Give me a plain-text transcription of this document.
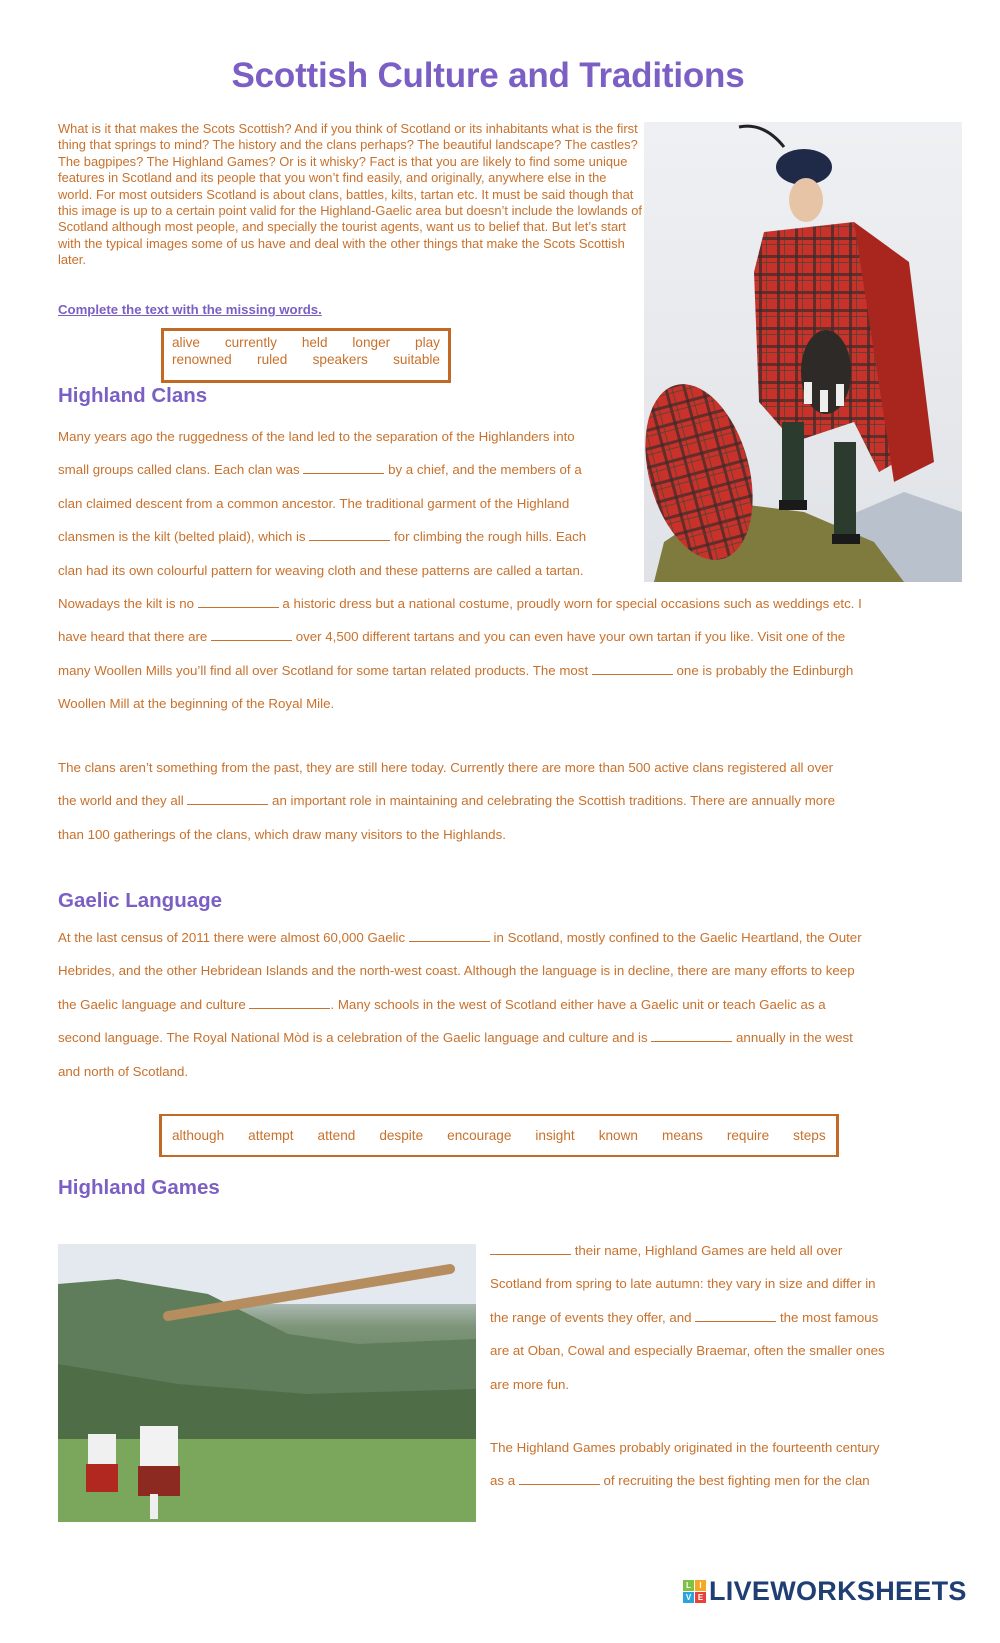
Scottish Culture and Traditions

What is it that makes the Scots Scottish? And if you think of Scotland or its inhabitants what is the first thing that springs to mind? The history and the clans perhaps? The beautiful landscape? The castles? The bagpipes? The Highland Games? Or is it whisky? Fact is that you are likely to find some unique features in Scotland and its people that you won’t find easily, and originally, anywhere else in the world. For most outsiders Scotland is about clans, battles, kilts, tartan etc. It must be said though that this image is up to a certain point valid for the Highland-Gaelic area but doesn’t include the lowlands of Scotland although most people, and specially the tourist agents, want us to belief that. But let’s start with the typical images some of us have and deal with the other things that make the Scots Scottish later.

Complete the text with the missing words.
alive currently held longer play
renowned ruled speakers suitable
Highland Clans
Many years ago the ruggedness of the land led to the separation of the Highlanders into
small groups called clans. Each clan was	by a chief, and the members of a
clan claimed descent from a common ancestor. The traditional garment of the Highland
clansmen is the kilt (belted plaid), which is	for climbing the rough hills. Each
clan had its own colourful pattern for weaving cloth and these patterns are called a tartan.
Nowadays the kilt is no	a historic dress but a national costume, proudly worn for special occasions such as weddings etc. I
have heard that there are	over 4,500 different tartans and you can even have your own tartan if you like. Visit one of the
many Woollen Mills you’ll find all over Scotland for some tartan related products. The most	one is probably the Edinburgh
Woollen Mill at the beginning of the Royal Mile.
The clans aren’t something from the past, they are still here today. Currently there are more than 500 active clans registered all over
the world and they all	an important role in maintaining and celebrating the Scottish traditions. There are annually more
than 100 gatherings of the clans, which draw many visitors to the Highlands.
Gaelic Language
At the last census of 2011 there were almost 60,000 Gaelic	in Scotland, mostly confined to the Gaelic Heartland, the Outer
Hebrides, and the other Hebridean Islands and the north-west coast. Although the language is in decline, there are many efforts to keep
the Gaelic language and culture	. Many schools in the west of Scotland either have a Gaelic unit or teach Gaelic as a
second language. The Royal National Mòd is a celebration of the Gaelic language and culture and is	annually in the west
and north of Scotland.
although attempt attend despite encourage insight known means require steps
Highland Games
their name, Highland Games are held all over
Scotland from spring to late autumn: they vary in size and differ in
the range of events they offer, and	the most famous
are at Oban, Cowal and especially Braemar, often the smaller ones
are more fun.
The Highland Games probably originated in the fourteenth century
as a	of recruiting the best fighting men for the clan
L	I
V E LIVEWORKSHEETS
